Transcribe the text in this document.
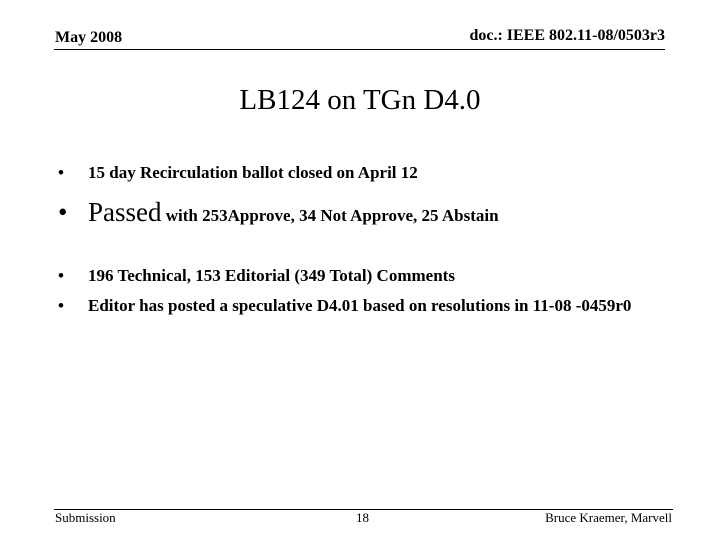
May 2008	doc.: IEEE 802.11-08/0503r3
LB124 on TGn D4.0
• 15 day Recirculation ballot closed on April 12
• Passed with 253Approve, 34 Not Approve, 25 Abstain
• 196 Technical, 153 Editorial (349 Total) Comments
• Editor has posted a speculative D4.01 based on resolutions in 11-08 -0459r0
Submission	18	Bruce Kraemer, Marvell
